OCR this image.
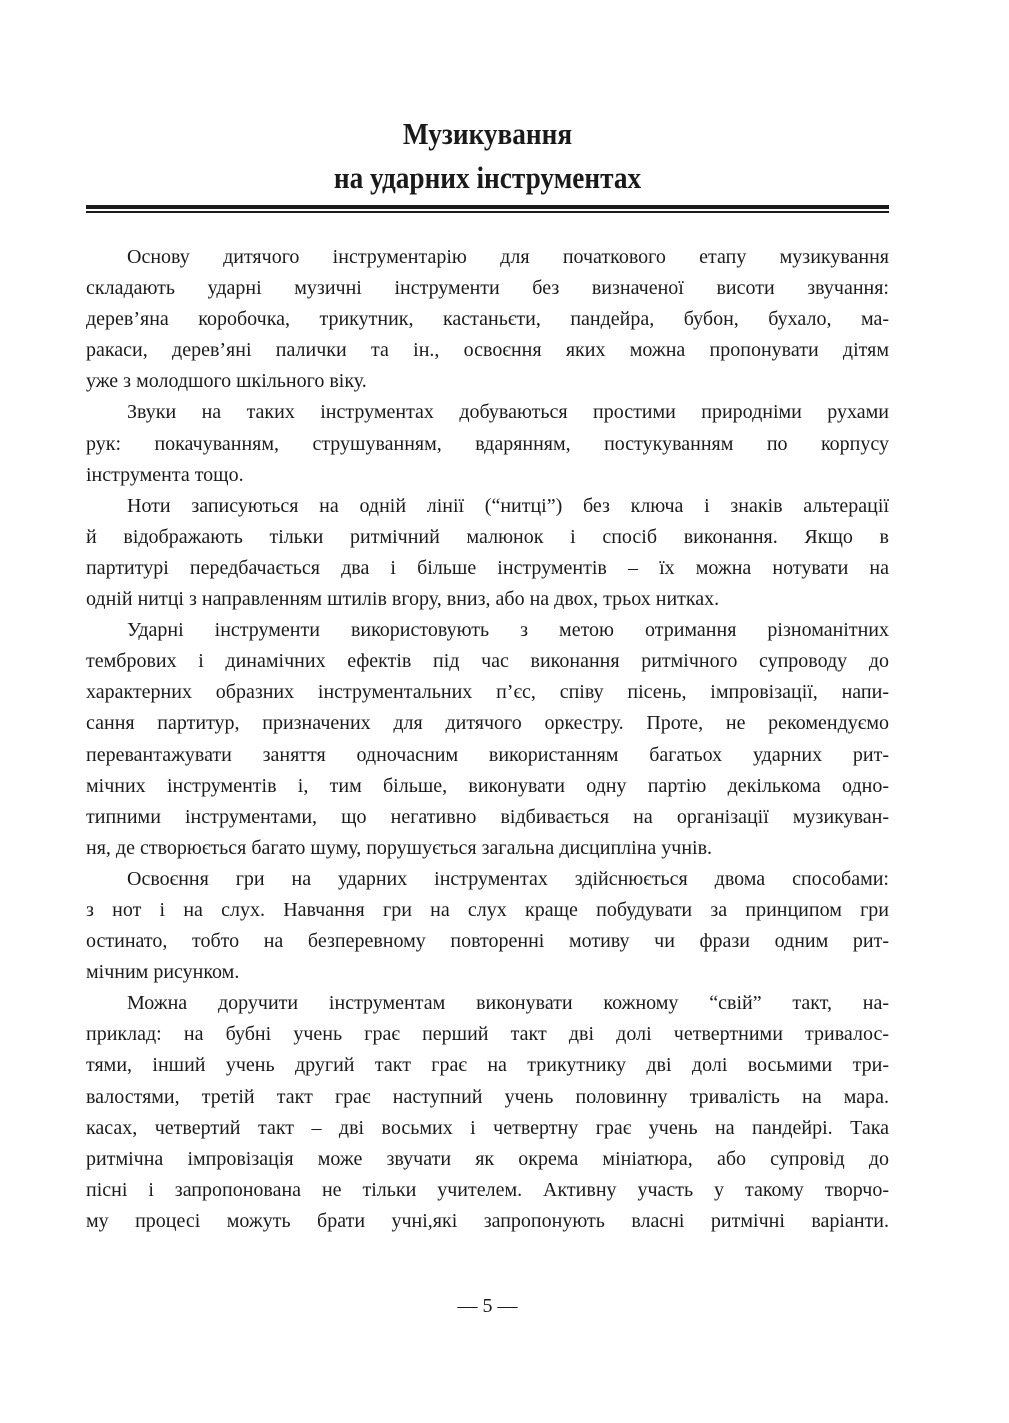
Музикування
на ударних інструментах
Основу дитячого інструментарію для початкового етапу музикування
складають ударні музичні інструменти без визначеної висоти звучання:
дерев’яна коробочка, трикутник, кастаньєти, пандейра, бубон, бухало, ма-
ракаси, дерев’яні палички та ін., освоєння яких можна пропонувати дітям
уже з молодшого шкільного віку.
Звуки на таких інструментах добуваються простими природніми рухами
рук: покачуванням, струшуванням, вдарянням, постукуванням по корпусу
інструмента тощо.
Ноти записуються на одній лінії (“нитці”) без ключа і знаків альтерації
й відображають тільки ритмічний малюнок і спосіб виконання. Якщо в
партитурі передбачається два і більше інструментів – їх можна нотувати на
одній нитці з направленням штилів вгору, вниз, або на двох, трьох нитках.
Ударні інструменти використовують з метою отримання різноманітних
тембрових і динамічних ефектів під час виконання ритмічного супроводу до
характерних образних інструментальних п’єс, співу пісень, імпровізації, напи-
сання партитур, призначених для дитячого оркестру. Проте, не рекомендуємо
перевантажувати заняття одночасним використанням багатьох ударних рит-
мічних інструментів і, тим більше, виконувати одну партію декількома одно-
типними інструментами, що негативно відбивається на організації музикуван-
ня, де створюється багато шуму, порушується загальна дисципліна учнів.
Освоєння гри на ударних інструментах здійснюється двома способами:
з нот і на слух. Навчання гри на слух краще побудувати за принципом гри
остинато, тобто на безперевному повторенні мотиву чи фрази одним рит-
мічним рисунком.
Можна доручити інструментам виконувати кожному “свій” такт, на-
приклад: на бубні учень грає перший такт дві долі четвертними тривалос-
тями, інший учень другий такт грає на трикутнику дві долі восьмими три-
валостями, третій такт грає наступний учень половинну тривалість на мара.
касах, четвертий такт – дві восьмих і четвертну грає учень на пандейрі. Така
ритмічна імпровізація може звучати як окрема мініатюра, або супровід до
пісні і запропонована не тільки учителем. Активну участь у такому творчо-
му процесі можуть брати учні,які запропонують власні ритмічні варіанти.
— 5 —
